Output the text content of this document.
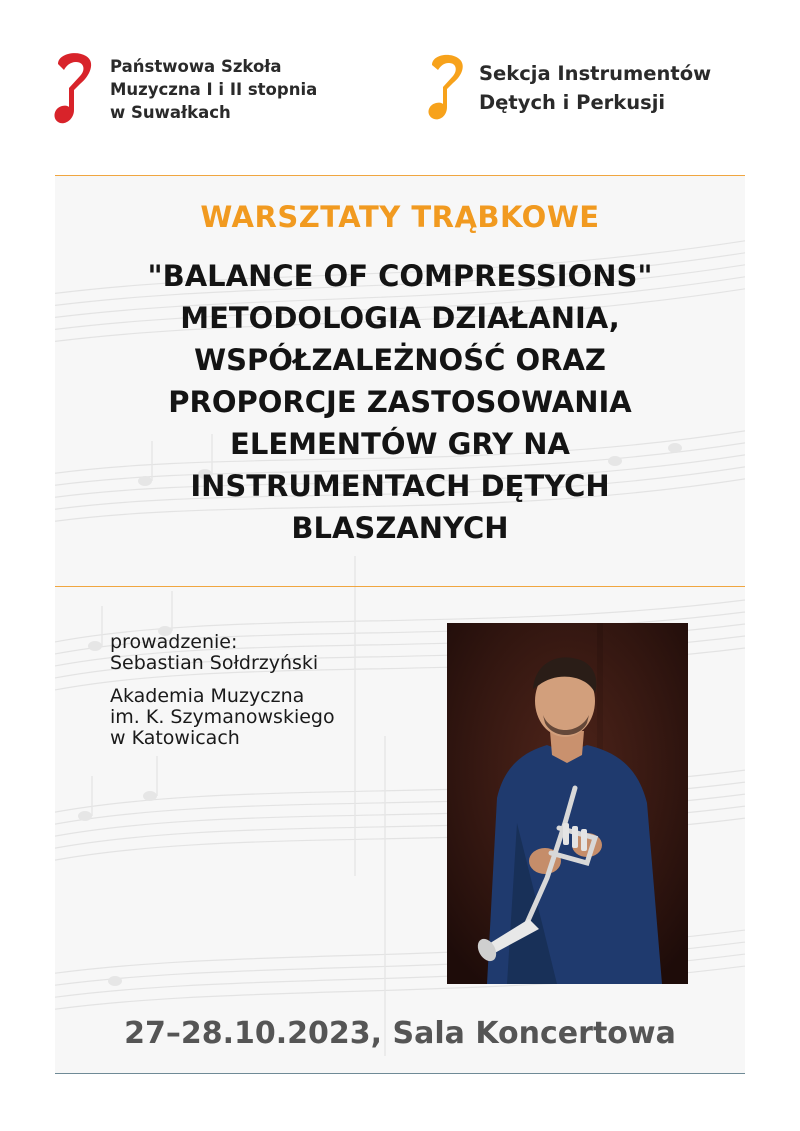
Państwowa Szkoła
Muzyczna I i II stopnia
w Suwałkach
Sekcja Instrumentów
Dętych i Perkusji
WARSZTATY TRĄBKOWE
"BALANCE OF COMPRESSIONS"
METODOLOGIA DZIAŁANIA,
WSPÓŁZALEŻNOŚĆ ORAZ
PROPORCJE ZASTOSOWANIA
ELEMENTÓW GRY NA
INSTRUMENTACH DĘTYCH
BLASZANYCH
prowadzenie:
Sebastian Sołdrzyński
Akademia Muzyczna
im. K. Szymanowskiego
w Katowicach
27–28.10.2023, Sala Koncertowa
